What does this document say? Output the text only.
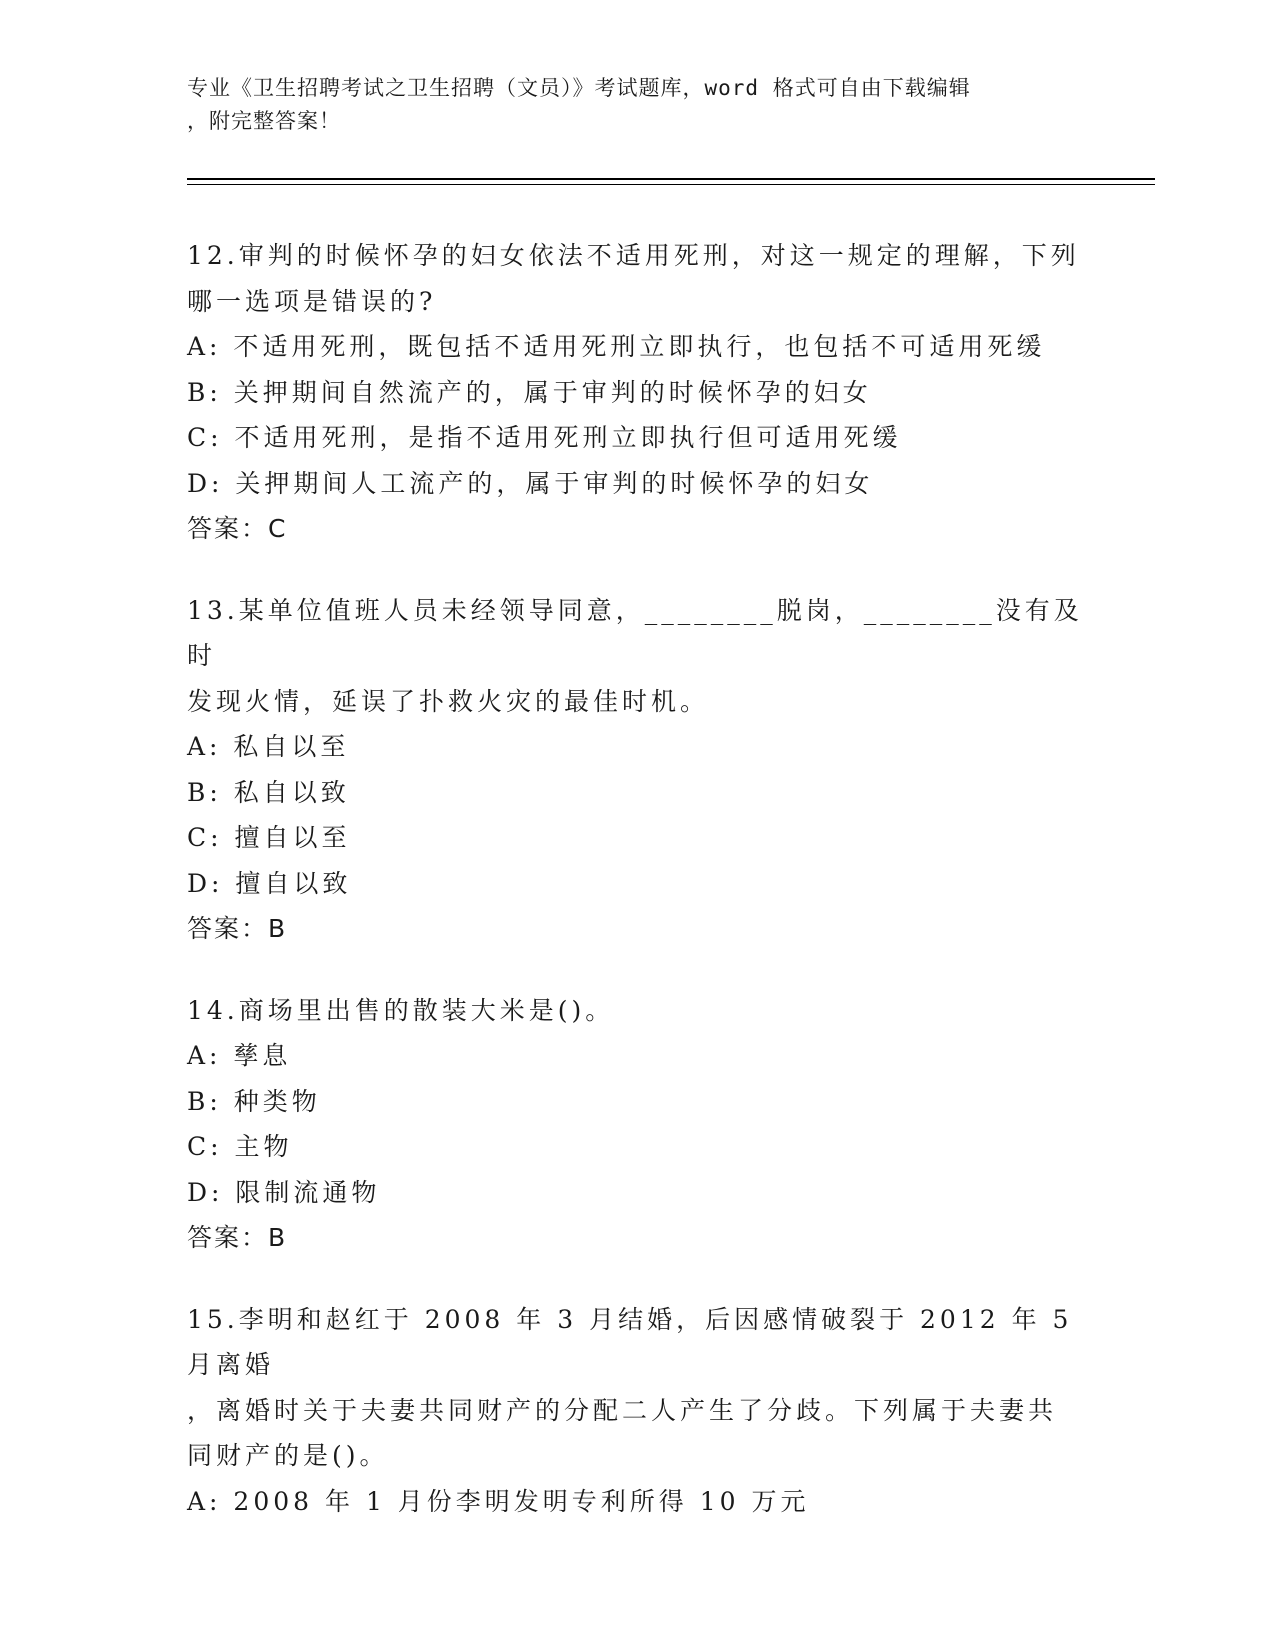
专业《卫生招聘考试之卫生招聘（文员）》考试题库，word 格式可自由下载编辑
，附完整答案！
12.审判的时候怀孕的妇女依法不适用死刑，对这一规定的理解，下列
哪一选项是错误的?
A: 不适用死刑，既包括不适用死刑立即执行，也包括不可适用死缓
B: 关押期间自然流产的，属于审判的时候怀孕的妇女
C: 不适用死刑，是指不适用死刑立即执行但可适用死缓
D: 关押期间人工流产的，属于审判的时候怀孕的妇女
答案：C
13.某单位值班人员未经领导同意，________脱岗，________没有及时
发现火情，延误了扑救火灾的最佳时机。
A: 私自以至
B: 私自以致
C: 擅自以至
D: 擅自以致
答案：B
14.商场里出售的散装大米是()。
A: 孳息
B: 种类物
C: 主物
D: 限制流通物
答案：B
15.李明和赵红于 2008 年 3 月结婚，后因感情破裂于 2012 年 5 月离婚
，离婚时关于夫妻共同财产的分配二人产生了分歧。下列属于夫妻共
同财产的是()。
A: 2008 年 1 月份李明发明专利所得 10 万元
